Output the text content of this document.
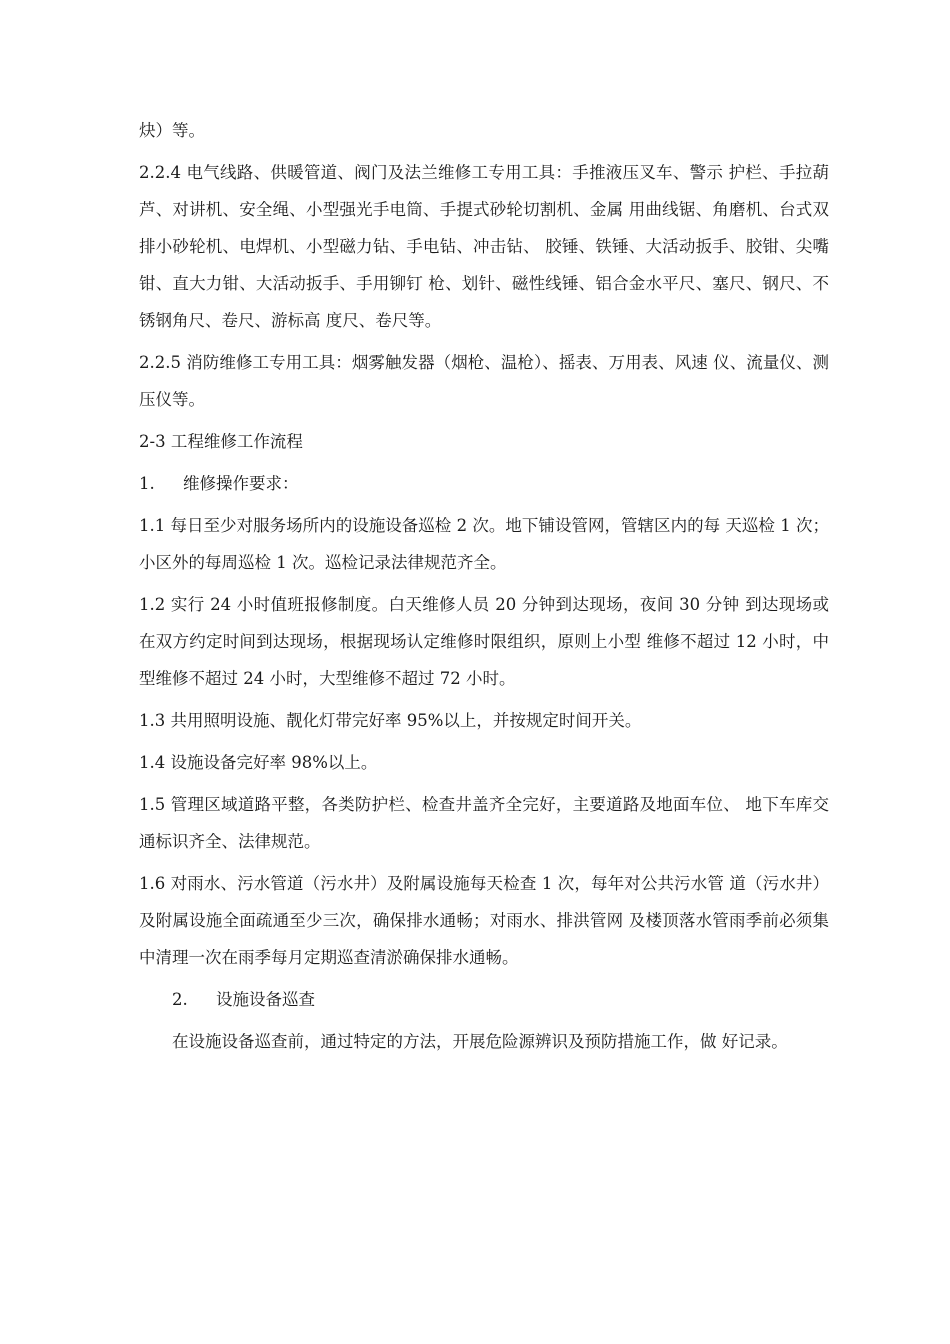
炔）等。

2.2.4 电气线路、供暖管道、阀门及法兰维修工专用工具：手推液压叉车、警示 护栏、手拉葫芦、对讲机、安全绳、小型强光手电筒、手提式砂轮切割机、金属 用曲线锯、角磨机、台式双排小砂轮机、电焊机、小型磁力钻、手电钻、冲击钻、 胶锤、铁锤、大活动扳手、胶钳、尖嘴钳、直大力钳、大活动扳手、手用铆钉 枪、划针、磁性线锤、铝合金水平尺、塞尺、钢尺、不锈钢角尺、卷尺、游标高 度尺、卷尺等。

2.2.5 消防维修工专用工具：烟雾触发器（烟枪、温枪）、摇表、万用表、风速 仪、流量仪、测压仪等。

2-3 工程维修工作流程

1. 维修操作要求：

1.1 每日至少对服务场所内的设施设备巡检 2 次。地下铺设管网，管辖区内的每 天巡检 1 次；小区外的每周巡检 1 次。巡检记录法律规范齐全。

1.2 实行 24 小时值班报修制度。白天维修人员 20 分钟到达现场，夜间 30 分钟 到达现场或在双方约定时间到达现场，根据现场认定维修时限组织，原则上小型 维修不超过 12 小时，中型维修不超过 24 小时，大型维修不超过 72 小时。

1.3 共用照明设施、靓化灯带完好率 95%以上，并按规定时间开关。

1.4 设施设备完好率 98%以上。

1.5 管理区域道路平整，各类防护栏、检查井盖齐全完好，主要道路及地面车位、 地下车库交通标识齐全、法律规范。

1.6 对雨水、污水管道（污水井）及附属设施每天检查 1 次，每年对公共污水管 道（污水井）及附属设施全面疏通至少三次，确保排水通畅；对雨水、排洪管网 及楼顶落水管雨季前必须集中清理一次在雨季每月定期巡查清淤确保排水通畅。

2. 设施设备巡查

在设施设备巡查前，通过特定的方法，开展危险源辨识及预防措施工作，做 好记录。
